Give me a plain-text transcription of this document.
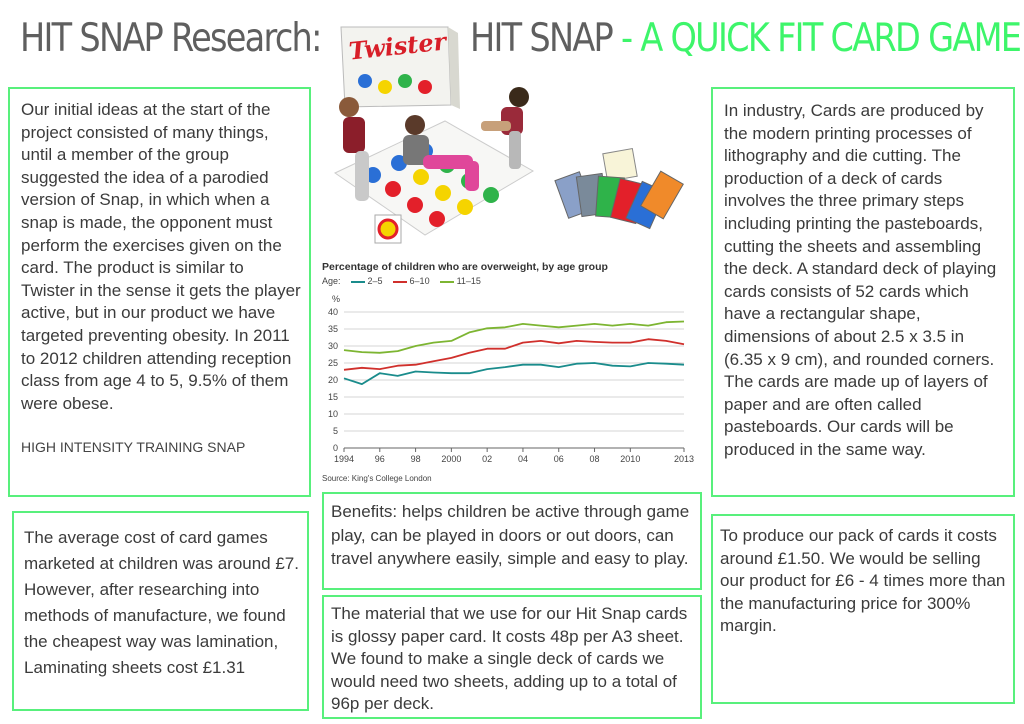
HIT SNAP Research:	HIT SNAP - A QUICK FIT CARD GAME
Twister
Percentage of children who are overweight, by age group
Age:	2–5	6–10	11–15
%
0
5
10
15
20
25
30
35
40
1994 96	98 2000 02	04	06	08 2010	2013
Source: King's College London

Our initial ideas at the start of the project consisted of many things, until a member of the group suggested the idea of a parodied version of Snap, in which when a snap is made, the opponent must perform the exercises given on the card. The product is similar to Twister in the sense it gets the player active, but in our product we have targeted preventing obesity. In 2011 to 2012 children attending reception class from age 4 to 5, 9.5% of them were obese.

HIGH INTENSITY TRAINING SNAP

In industry, Cards are produced by the modern printing processes of lithography and die cutting. The production of a deck of cards involves the three primary steps including printing the pasteboards, cutting the sheets and assembling the deck. A standard deck of playing cards consists of 52 cards which have a rectangular shape, dimensions of about 2.5 x 3.5 in (6.35 x 9 cm), and rounded corners. The cards are made up of layers of paper and are often called pasteboards. Our cards will be produced in the same way.

The average cost of card games marketed at children was around £7. However, after researching into methods of manufacture, we found the cheapest way was lamination, Laminating sheets cost £1.31

Benefits: helps children be active through game play, can be played in doors or out doors, can travel anywhere easily, simple and easy to play.

The material that we use for our Hit Snap cards is glossy paper card. It costs 48p per A3 sheet. We found to make a single deck of cards we would need two sheets, adding up to a total of 96p per deck.

To produce our pack of cards it costs around £1.50. We would be selling our product for £6 - 4 times more than the manufacturing price for 300% margin.
